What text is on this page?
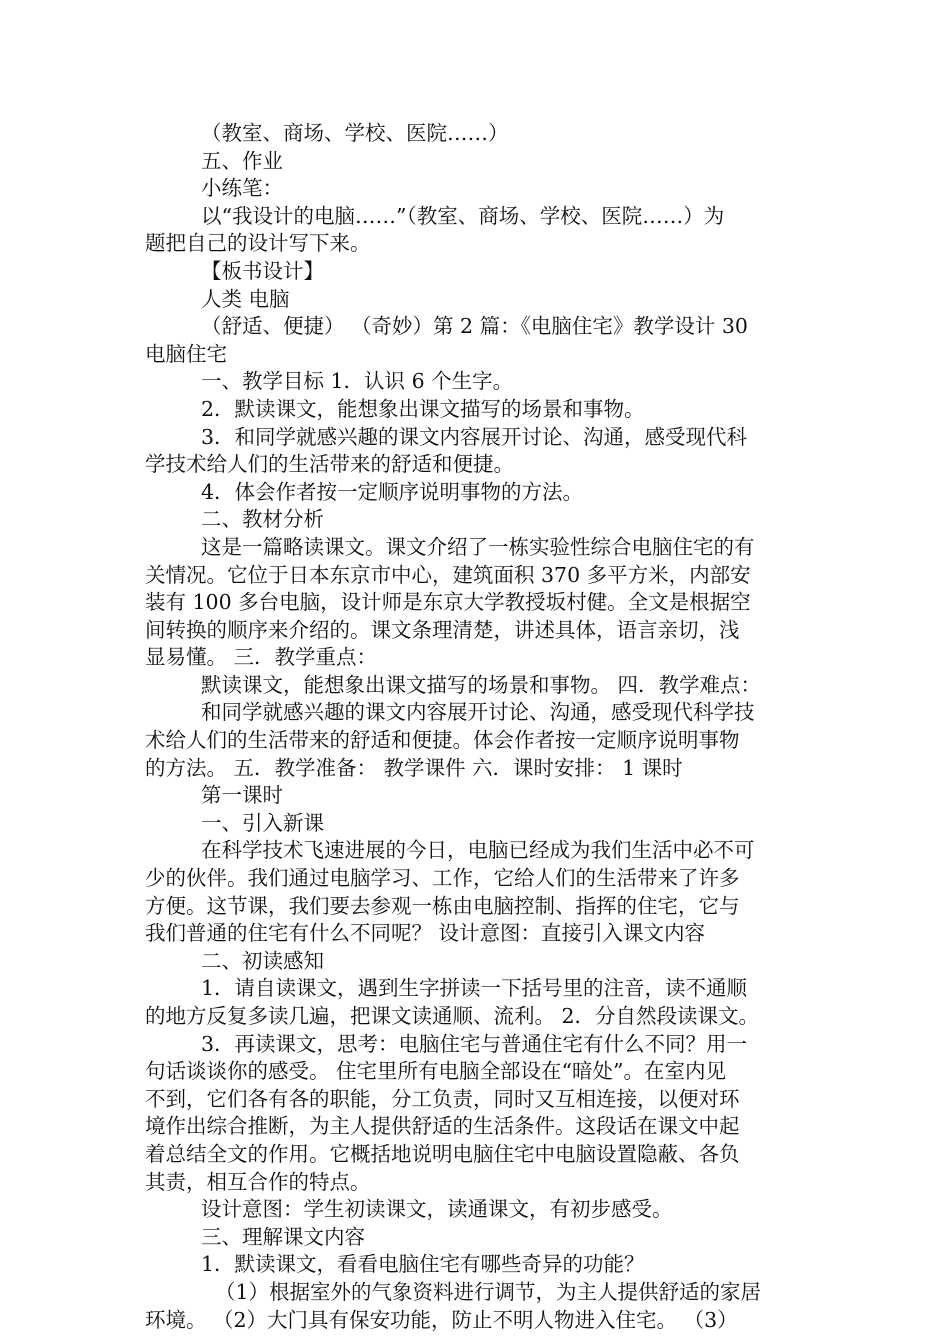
（教室、商场、学校、医院……）
五、作业
小练笔：
以“我设计的电脑……”（教室、商场、学校、医院……）为
题把自己的设计写下来。
【板书设计】
人类 电脑
（舒适、便捷） （奇妙）第 2 篇：《电脑住宅》教学设计 30
电脑住宅
一、教学目标 1．认识 6 个生字。
2．默读课文，能想象出课文描写的场景和事物。
3．和同学就感兴趣的课文内容展开讨论、沟通，感受现代科
学技术给人们的生活带来的舒适和便捷。
4．体会作者按一定顺序说明事物的方法。
二、教材分析
这是一篇略读课文。课文介绍了一栋实验性综合电脑住宅的有
关情况。它位于日本东京市中心，建筑面积 370 多平方米，内部安
装有 100 多台电脑，设计师是东京大学教授坂村健。全文是根据空
间转换的顺序来介绍的。课文条理清楚，讲述具体，语言亲切，浅
显易懂。 三．教学重点：
默读课文，能想象出课文描写的场景和事物。 四．教学难点：
和同学就感兴趣的课文内容展开讨论、沟通，感受现代科学技
术给人们的生活带来的舒适和便捷。体会作者按一定顺序说明事物
的方法。 五．教学准备： 教学课件 六．课时安排： 1 课时
第一课时
一、引入新课
在科学技术飞速进展的今日，电脑已经成为我们生活中必不可
少的伙伴。我们通过电脑学习、工作，它给人们的生活带来了许多
方便。这节课，我们要去参观一栋由电脑控制、指挥的住宅，它与
我们普通的住宅有什么不同呢？ 设计意图：直接引入课文内容
二、初读感知
1．请自读课文，遇到生字拼读一下括号里的注音，读不通顺
的地方反复多读几遍，把课文读通顺、流利。 2．分自然段读课文。
3．再读课文，思考：电脑住宅与普通住宅有什么不同？用一
句话谈谈你的感受。 住宅里所有电脑全部设在“暗处”。在室内见
不到，它们各有各的职能，分工负责，同时又互相连接，以便对环
境作出综合推断，为主人提供舒适的生活条件。这段话在课文中起
着总结全文的作用。它概括地说明电脑住宅中电脑设置隐蔽、各负
其责，相互合作的特点。
设计意图：学生初读课文，读通课文，有初步感受。
三、理解课文内容
1．默读课文，看看电脑住宅有哪些奇异的功能？
（1）根据室外的气象资料进行调节，为主人提供舒适的家居
环境。 （2）大门具有保安功能，防止不明人物进入住宅。 （3）
